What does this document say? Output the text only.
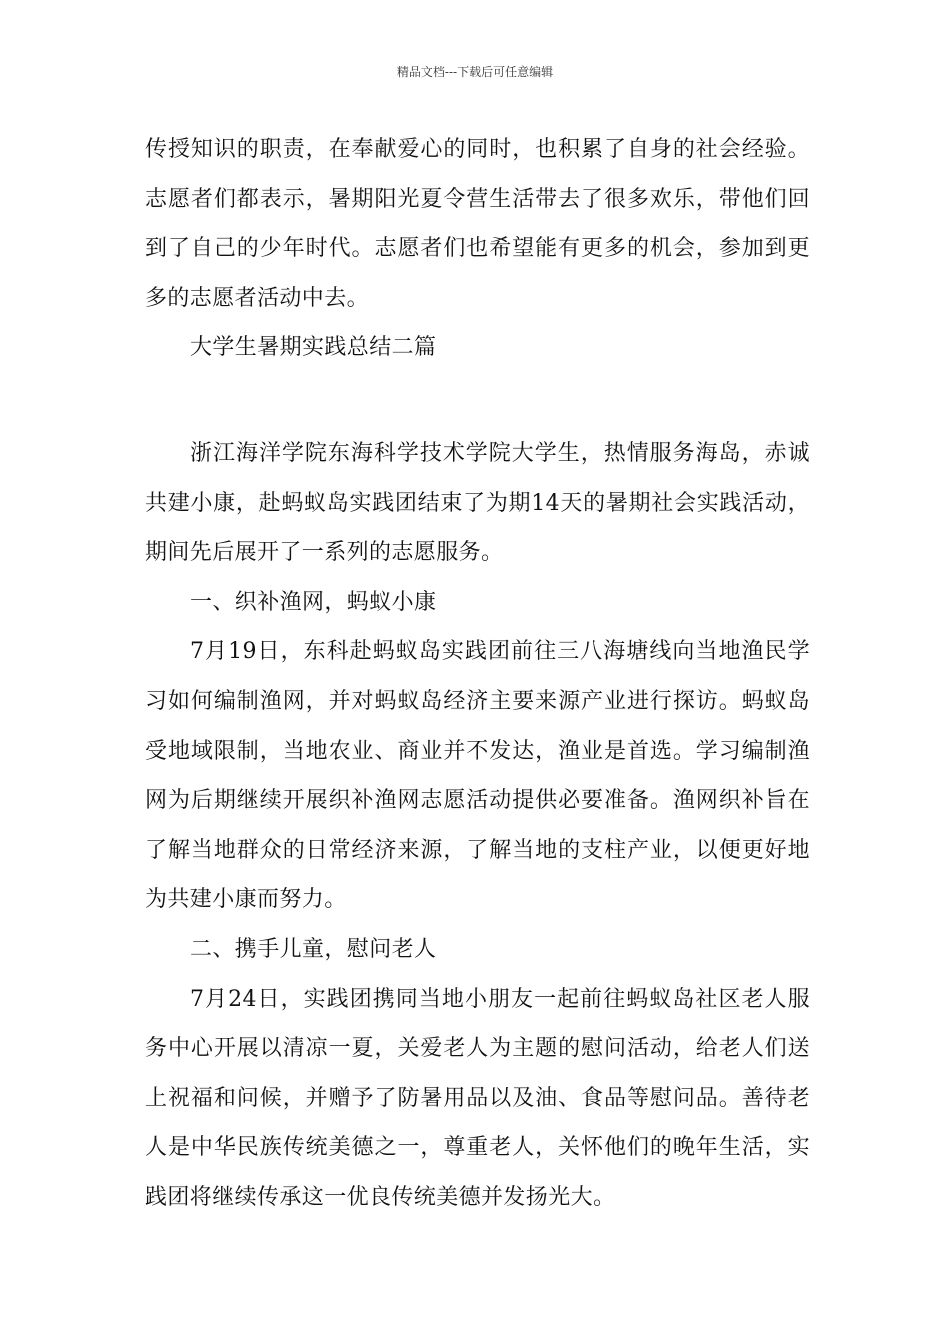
精品文档---下载后可任意编辑

传授知识的职责，在奉献爱心的同时，也积累了自身的社会经验。志愿者们都表示，暑期阳光夏令营生活带去了很多欢乐，带他们回到了自己的少年时代。志愿者们也希望能有更多的机会，参加到更多的志愿者活动中去。

大学生暑期实践总结二篇

浙江海洋学院东海科学技术学院大学生，热情服务海岛，赤诚共建小康，赴蚂蚁岛实践团结束了为期14天的暑期社会实践活动，期间先后展开了一系列的志愿服务。

一、织补渔网，蚂蚁小康

7月19日，东科赴蚂蚁岛实践团前往三八海塘线向当地渔民学习如何编制渔网，并对蚂蚁岛经济主要来源产业进行探访。蚂蚁岛受地域限制，当地农业、商业并不发达，渔业是首选。学习编制渔网为后期继续开展织补渔网志愿活动提供必要准备。渔网织补旨在了解当地群众的日常经济来源，了解当地的支柱产业，以便更好地为共建小康而努力。

二、携手儿童，慰问老人

7月24日，实践团携同当地小朋友一起前往蚂蚁岛社区老人服务中心开展以清凉一夏，关爱老人为主题的慰问活动，给老人们送上祝福和问候，并赠予了防暑用品以及油、食品等慰问品。善待老人是中华民族传统美德之一，尊重老人，关怀他们的晚年生活，实践团将继续传承这一优良传统美德并发扬光大。
